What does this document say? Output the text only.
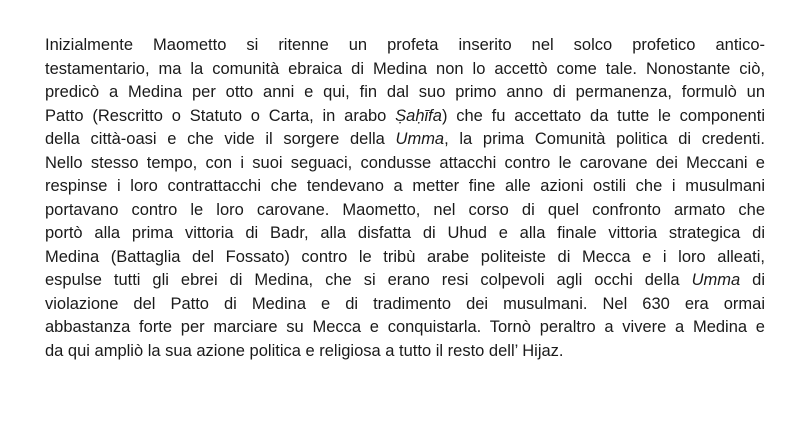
Inizialmente Maometto si ritenne un profeta inserito nel solco profetico antico-
testamentario, ma la comunità ebraica di Medina non lo accettò come tale. Nonostante ciò,
predicò a Medina per otto anni e qui, fin dal suo primo anno di permanenza, formulò un
Patto (Rescritto o Statuto o Carta, in arabo Ṣaḥīfa) che fu accettato da tutte le componenti
della città-oasi e che vide il sorgere della Umma, la prima Comunità politica di credenti.
Nello stesso tempo, con i suoi seguaci, condusse attacchi contro le carovane dei Meccani e
respinse i loro contrattacchi che tendevano a metter fine alle azioni ostili che i musulmani
portavano contro le loro carovane. Maometto, nel corso di quel confronto armato che
portò alla prima vittoria di Badr, alla disfatta di Uhud e alla finale vittoria strategica di
Medina (Battaglia del Fossato) contro le tribù arabe politeiste di Mecca e i loro alleati,
espulse tutti gli ebrei di Medina, che si erano resi colpevoli agli occhi della Umma di
violazione del Patto di Medina e di tradimento dei musulmani. Nel 630 era ormai
abbastanza forte per marciare su Mecca e conquistarla. Tornò peraltro a vivere a Medina e
da qui ampliò la sua azione politica e religiosa a tutto il resto dell’ Hijaz.
